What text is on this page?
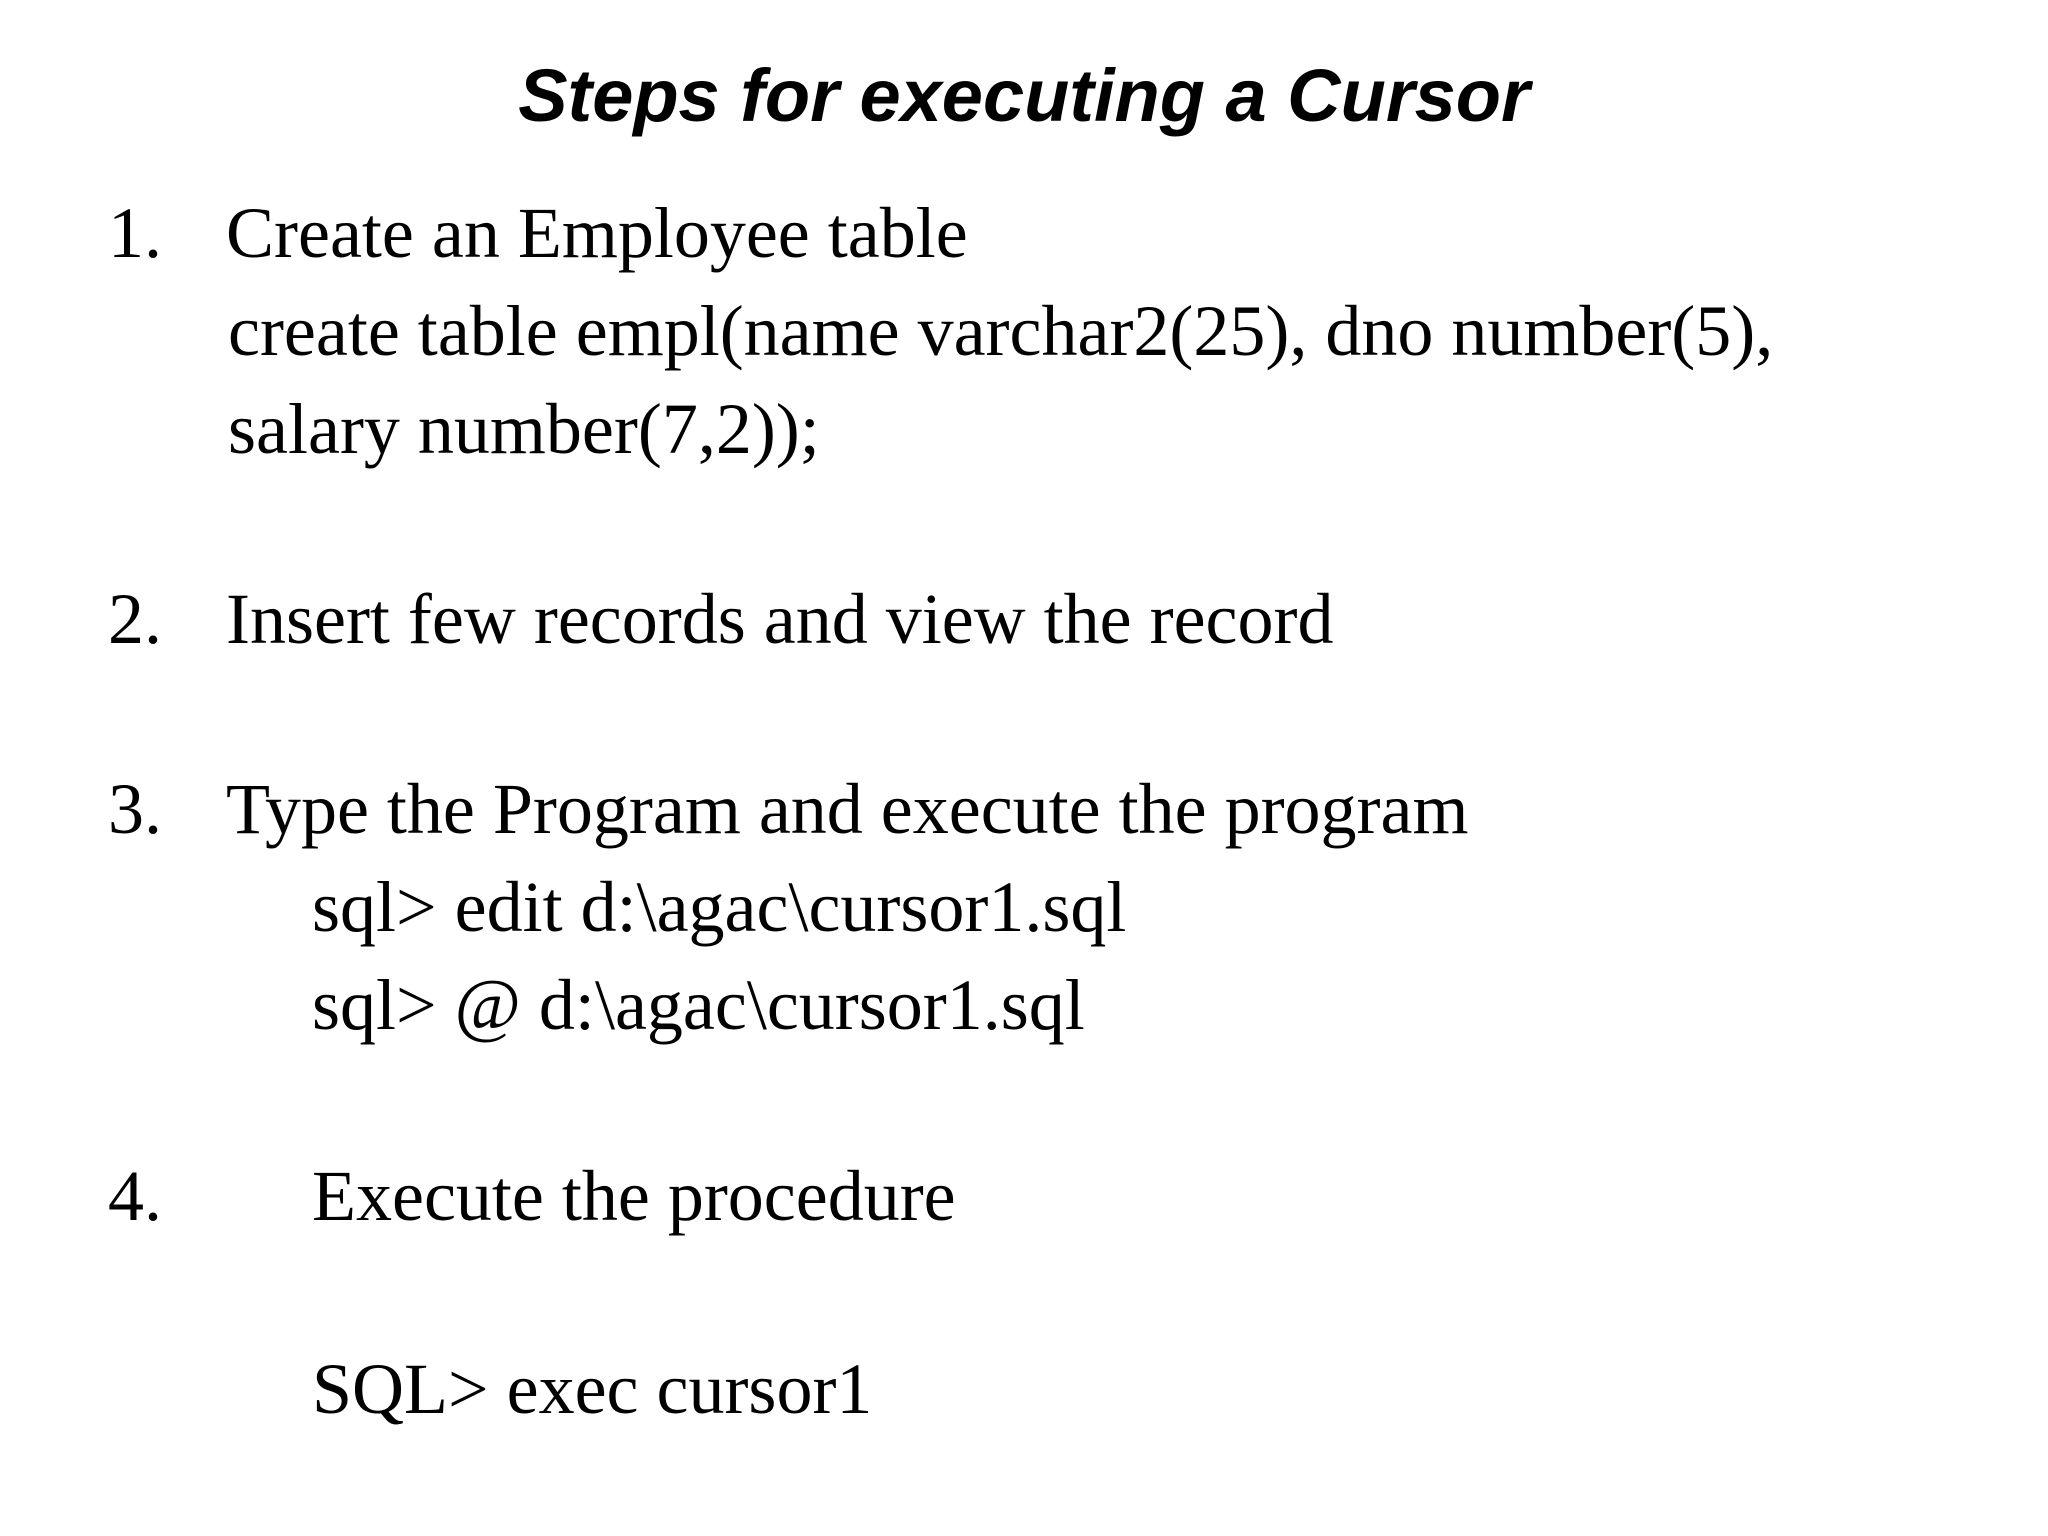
Steps for executing a Cursor
1. Create an Employee table
create table empl(name varchar2(25), dno number(5),
salary number(7,2));
2. Insert few records and view the record
3. Type the Program and execute the program
sql> edit d:\agac\cursor1.sql
sql> @ d:\agac\cursor1.sql
4. Execute the procedure
SQL> exec cursor1
